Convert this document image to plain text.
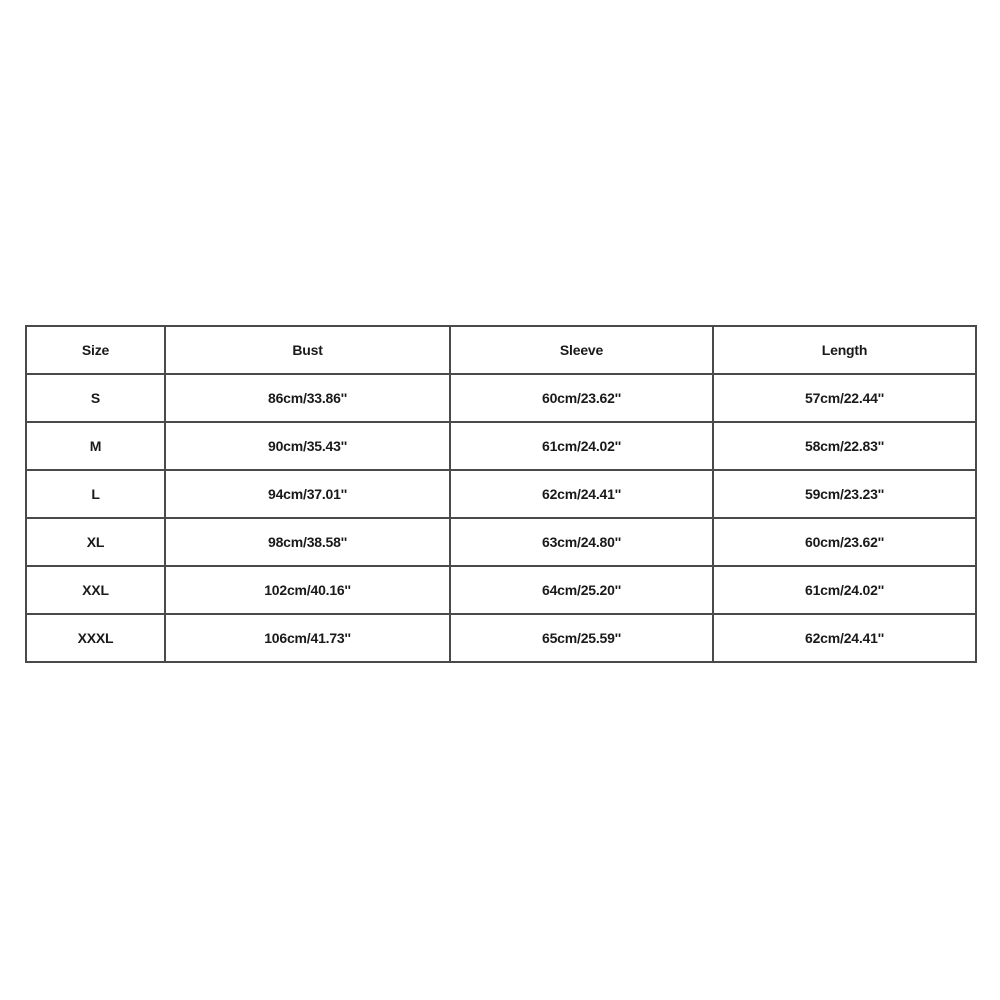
Size	Bust	Sleeve	Length
S	86cm/33.86''	60cm/23.62''	57cm/22.44''
M	90cm/35.43''	61cm/24.02''	58cm/22.83''
L	94cm/37.01''	62cm/24.41''	59cm/23.23''
XL	98cm/38.58''	63cm/24.80''	60cm/23.62''
XXL	102cm/40.16''	64cm/25.20''	61cm/24.02''
XXXL	106cm/41.73''	65cm/25.59''	62cm/24.41''
